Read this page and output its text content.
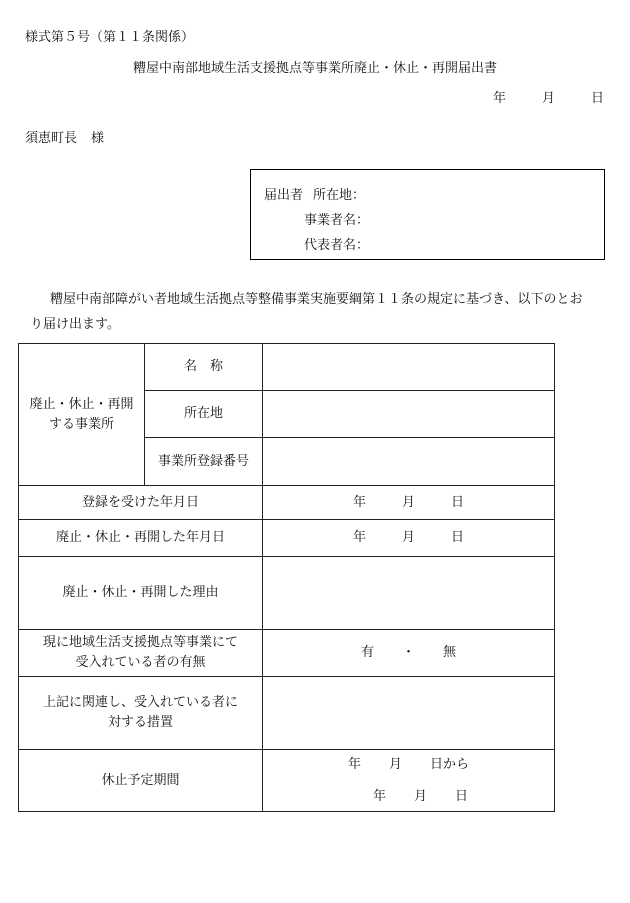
様式第５号（第１１条関係）
糟屋中南部地域生活支援拠点等事業所廃止・休止・再開届出書
年	月	日
須恵町長 様
届出者 所在地：
事業者名：
代表者名：
糟屋中南部障がい者地域生活拠点等整備事業実施要綱第１１条の規定に基づき、以下のとお
り届け出ます。
廃止・休止・再開
する事業所	名　称	
	所在地	
	事業所登録番号	
登録を受けた年月日		年 月 日
廃止・休止・再開した年月日		年 月 日
廃止・休止・再開した理由		

現に地域生活支援拠点等事業にて
受入れている者の有無		有 ・ 無

上記に関連し、受入れている者に
対する措置		

休止予定期間		年 月 日から
年 月 日
